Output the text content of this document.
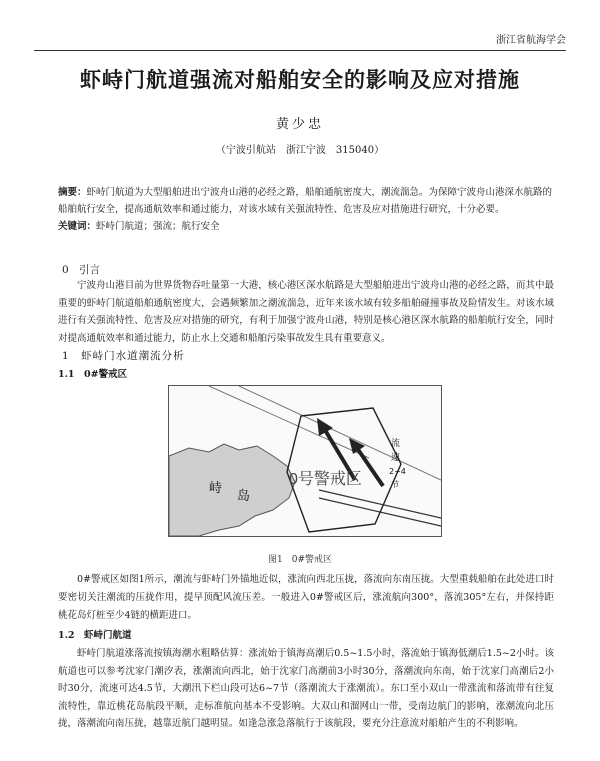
浙江省航海学会
虾峙门航道强流对船舶安全的影响及应对措施
黄少忠
（宁波引航站　浙江宁波　315040）
摘要：虾峙门航道为大型船舶进出宁波舟山港的必经之路，船舶通航密度大，潮流湍急。为保障宁波舟山港深水航路的船舶航行安全，提高通航效率和通过能力，对该水域有关强流特性、危害及应对措施进行研究，十分必要。
关键词：虾峙门航道；强流；航行安全
0　引言
宁波舟山港目前为世界货物吞吐量第一大港，核心港区深水航路是大型船舶进出宁波舟山港的必经之路，而其中最重要的虾峙门航道船舶通航密度大，会遇频繁加之潮流湍急，近年来该水域有较多船舶碰撞事故及险情发生。对该水域进行有关强流特性、危害及应对措施的研究，有利于加强宁波舟山港，特别是核心港区深水航路的船舶航行安全，同时对提高通航效率和通过能力，防止水上交通和船舶污染事故发生具有重要意义。
1　虾峙门水道潮流分析
1.1　0#警戒区
0号警戒区
峙
岛
流
速
2~4
节
图1　0#警戒区
0#警戒区如图1所示，潮流与虾峙门外锚地近似，涨流向西北压拢，落流向东南压拢。大型重载船舶在此处进口时要密切关注潮流的压拢作用，提早顶配风流压差。一般进入0#警戒区后，涨流航向300°，落流305°左右，并保持距桃花岛灯桩至少4链的横距进口。
1.2　虾峙门航道
虾峙门航道涨落流按镇海潮水粗略估算：涨流始于镇海高潮后0.5~1.5小时，落流始于镇海低潮后1.5~2小时。该航道也可以参考沈家门潮汐表，涨潮流向西北，始于沈家门高潮前3小时30分，落潮流向东南，始于沈家门高潮后2小时30分，流速可达4.5节，大潮汛下栏山段可达6~7节（落潮流大于涨潮流）。东口至小双山一带涨流和落流带有往复流特性，靠近桃花岛航段平顺，走标准航向基本不受影响。大双山和溜网山一带，受南边航门的影响，涨潮流向北压拢，落潮流向南压拢，越靠近航门越明显。如逢急涨急落航行于该航段，要充分注意流对船舶产生的不利影响。
